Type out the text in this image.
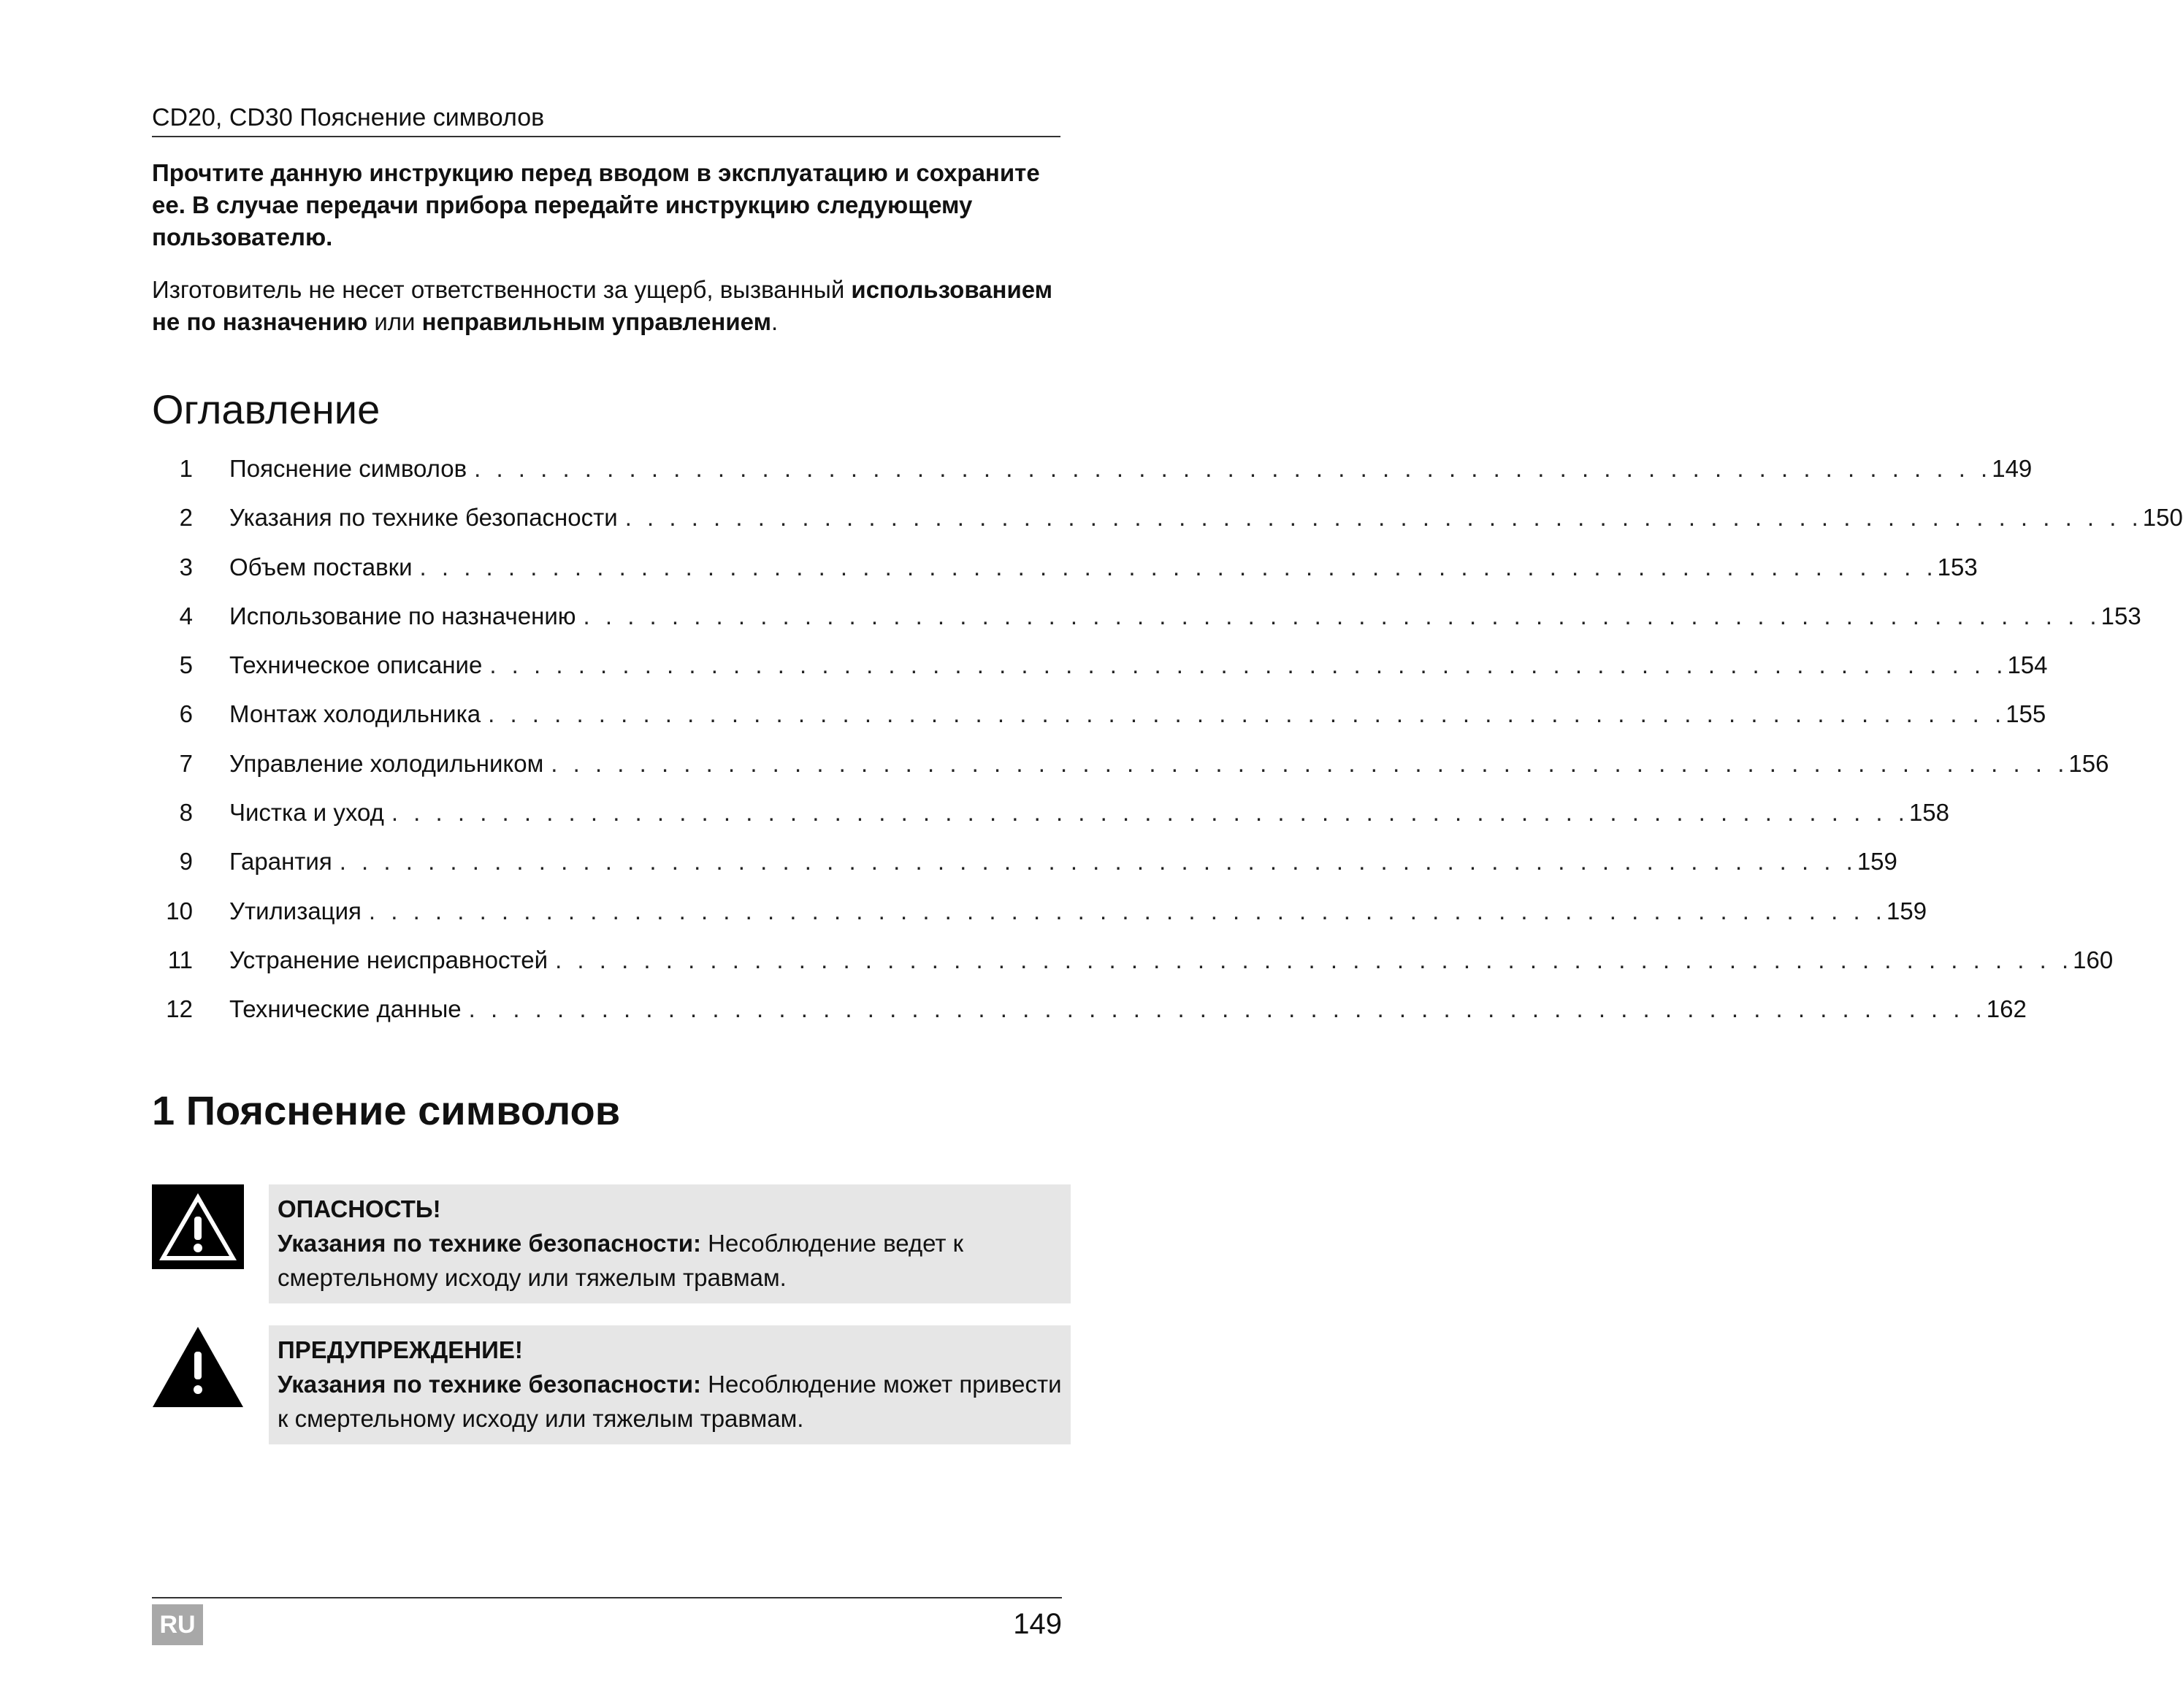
CD20, CD30 Пояснение символов
Прочтите данную инструкцию перед вводом в эксплуатацию и сохраните ее. В случае передачи прибора передайте инструкцию следующему пользователю.
Изготовитель не несет ответственности за ущерб, вызванный использованием не по назначению или неправильным управлением.
Оглавление
1 Пояснение символов . . . . . . . . . . . . . . . . . . . . . . . . . . . . . . . . . . . . . . . . . . . . . . . . . . . . . . . . . . . . . . . . . . . . . 149
2 Указания по технике безопасности . . . . . . . . . . . . . . . . . . . . . . . . . . . . . . . . . . . . . . . . . . . . . . . . . . . . . . . . . . . . . . . . . . . . . 150
3 Объем поставки . . . . . . . . . . . . . . . . . . . . . . . . . . . . . . . . . . . . . . . . . . . . . . . . . . . . . . . . . . . . . . . . . . . . . 153
4 Использование по назначению . . . . . . . . . . . . . . . . . . . . . . . . . . . . . . . . . . . . . . . . . . . . . . . . . . . . . . . . . . . . . . . . . . . . . 153
5 Техническое описание . . . . . . . . . . . . . . . . . . . . . . . . . . . . . . . . . . . . . . . . . . . . . . . . . . . . . . . . . . . . . . . . . . . . . 154
6 Монтаж холодильника . . . . . . . . . . . . . . . . . . . . . . . . . . . . . . . . . . . . . . . . . . . . . . . . . . . . . . . . . . . . . . . . . . . . . 155
7 Управление холодильником . . . . . . . . . . . . . . . . . . . . . . . . . . . . . . . . . . . . . . . . . . . . . . . . . . . . . . . . . . . . . . . . . . . . . 156
8 Чистка и уход . . . . . . . . . . . . . . . . . . . . . . . . . . . . . . . . . . . . . . . . . . . . . . . . . . . . . . . . . . . . . . . . . . . . . 158
9 Гарантия . . . . . . . . . . . . . . . . . . . . . . . . . . . . . . . . . . . . . . . . . . . . . . . . . . . . . . . . . . . . . . . . . . . . . 159
10 Утилизация . . . . . . . . . . . . . . . . . . . . . . . . . . . . . . . . . . . . . . . . . . . . . . . . . . . . . . . . . . . . . . . . . . . . . 159
11 Устранение неисправностей . . . . . . . . . . . . . . . . . . . . . . . . . . . . . . . . . . . . . . . . . . . . . . . . . . . . . . . . . . . . . . . . . . . . . 160
12 Технические данные . . . . . . . . . . . . . . . . . . . . . . . . . . . . . . . . . . . . . . . . . . . . . . . . . . . . . . . . . . . . . . . . . . . . . 162
1 Пояснение символов
ОПАСНОСТЬ!
Указания по технике безопасности: Несоблюдение ведет к смертельному исходу или тяжелым травмам.
ПРЕДУПРЕЖДЕНИЕ!
Указания по технике безопасности: Несоблюдение может привести к смертельному исходу или тяжелым травмам.
RU	149
